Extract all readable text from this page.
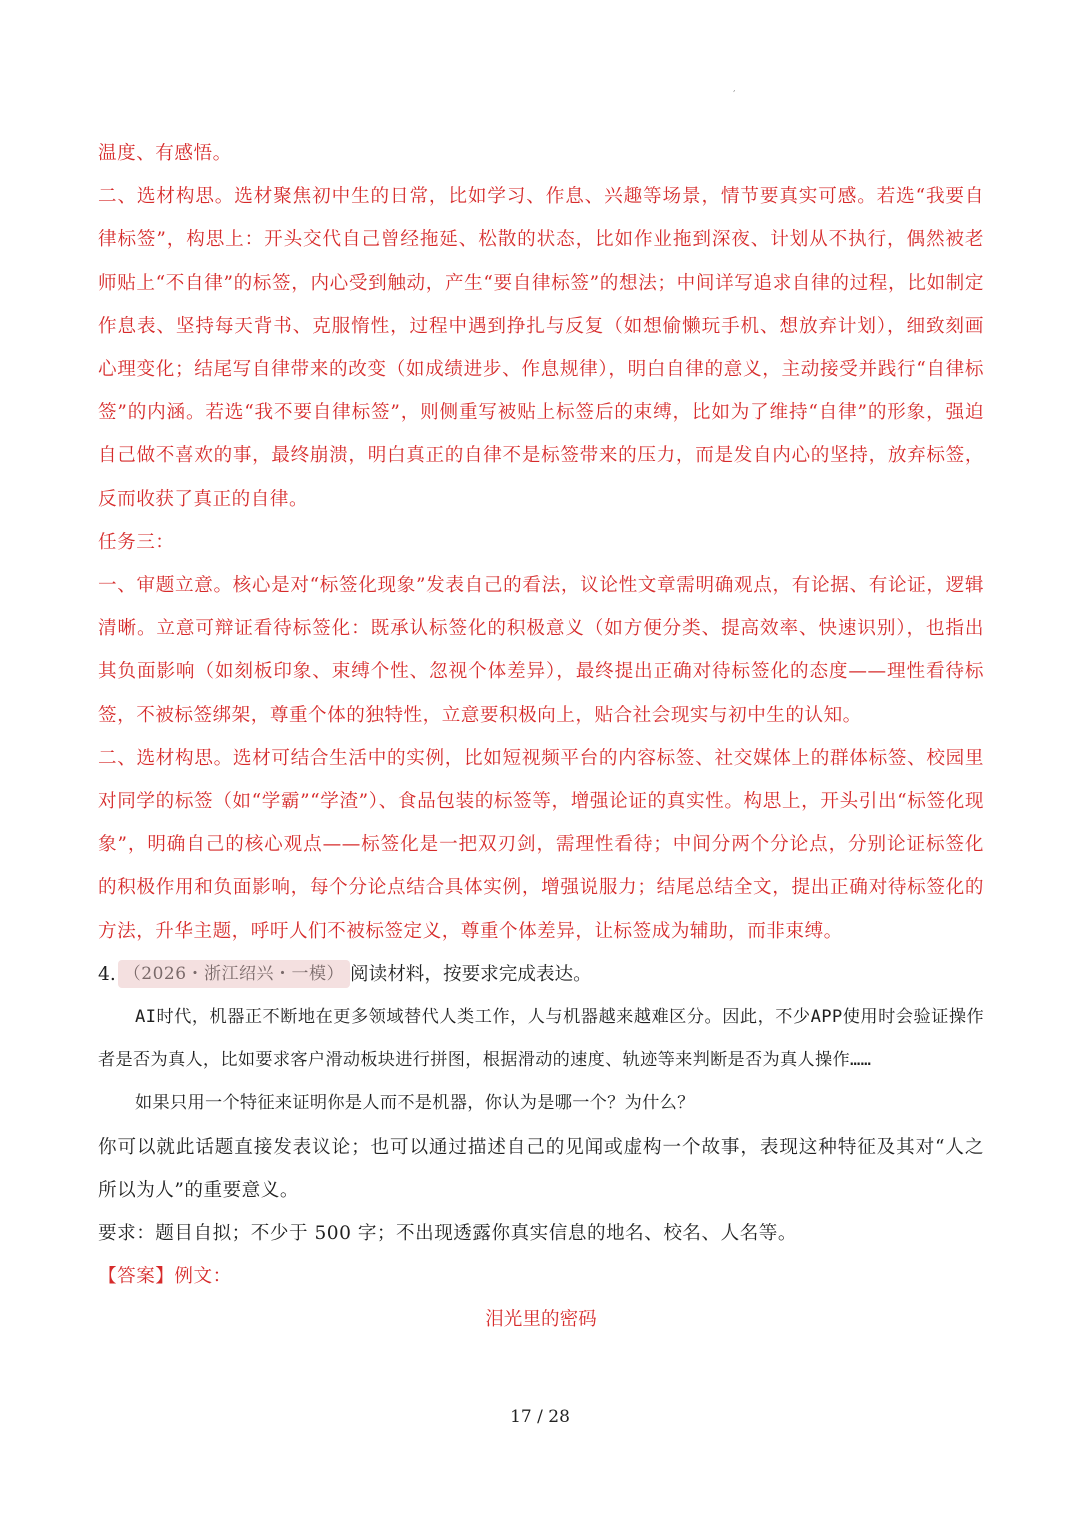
,

温度、有感悟。

二、选材构思。选材聚焦初中生的日常，比如学习、作息、兴趣等场景，情节要真实可感。若选“我要自律标签”，构思上：开头交代自己曾经拖延、松散的状态，比如作业拖到深夜、计划从不执行，偶然被老师贴上“不自律”的标签，内心受到触动，产生“要自律标签”的想法；中间详写追求自律的过程，比如制定作息表、坚持每天背书、克服惰性，过程中遇到挣扎与反复（如想偷懒玩手机、想放弃计划），细致刻画心理变化；结尾写自律带来的改变（如成绩进步、作息规律），明白自律的意义，主动接受并践行“自律标签”的内涵。若选“我不要自律标签”，则侧重写被贴上标签后的束缚，比如为了维持“自律”的形象，强迫自己做不喜欢的事，最终崩溃，明白真正的自律不是标签带来的压力，而是发自内心的坚持，放弃标签，反而收获了真正的自律。

任务三：

一、审题立意。核心是对“标签化现象”发表自己的看法，议论性文章需明确观点，有论据、有论证，逻辑清晰。立意可辩证看待标签化：既承认标签化的积极意义（如方便分类、提高效率、快速识别），也指出其负面影响（如刻板印象、束缚个性、忽视个体差异），最终提出正确对待标签化的态度——理性看待标签，不被标签绑架，尊重个体的独特性，立意要积极向上，贴合社会现实与初中生的认知。

二、选材构思。选材可结合生活中的实例，比如短视频平台的内容标签、社交媒体上的群体标签、校园里对同学的标签（如“学霸”“学渣”）、食品包装的标签等，增强论证的真实性。构思上，开头引出“标签化现象”，明确自己的核心观点——标签化是一把双刃剑，需理性看待；中间分两个分论点，分别论证标签化的积极作用和负面影响，每个分论点结合具体实例，增强说服力；结尾总结全文，提出正确对待标签化的方法，升华主题，呼吁人们不被标签定义，尊重个体差异，让标签成为辅助，而非束缚。

4. （2026・浙江绍兴・一模） 阅读材料，按要求完成表达。

AI时代，机器正不断地在更多领域替代人类工作，人与机器越来越难区分。因此，不少APP使用时会验证操作者是否为真人，比如要求客户滑动板块进行拼图，根据滑动的速度、轨迹等来判断是否为真人操作……

如果只用一个特征来证明你是人而不是机器，你认为是哪一个？为什么？

你可以就此话题直接发表议论；也可以通过描述自己的见闻或虚构一个故事，表现这种特征及其对“人之所以为人”的重要意义。

要求：题目自拟；不少于 500 字；不出现透露你真实信息的地名、校名、人名等。

【答案】例文：

泪光里的密码

17 / 28
